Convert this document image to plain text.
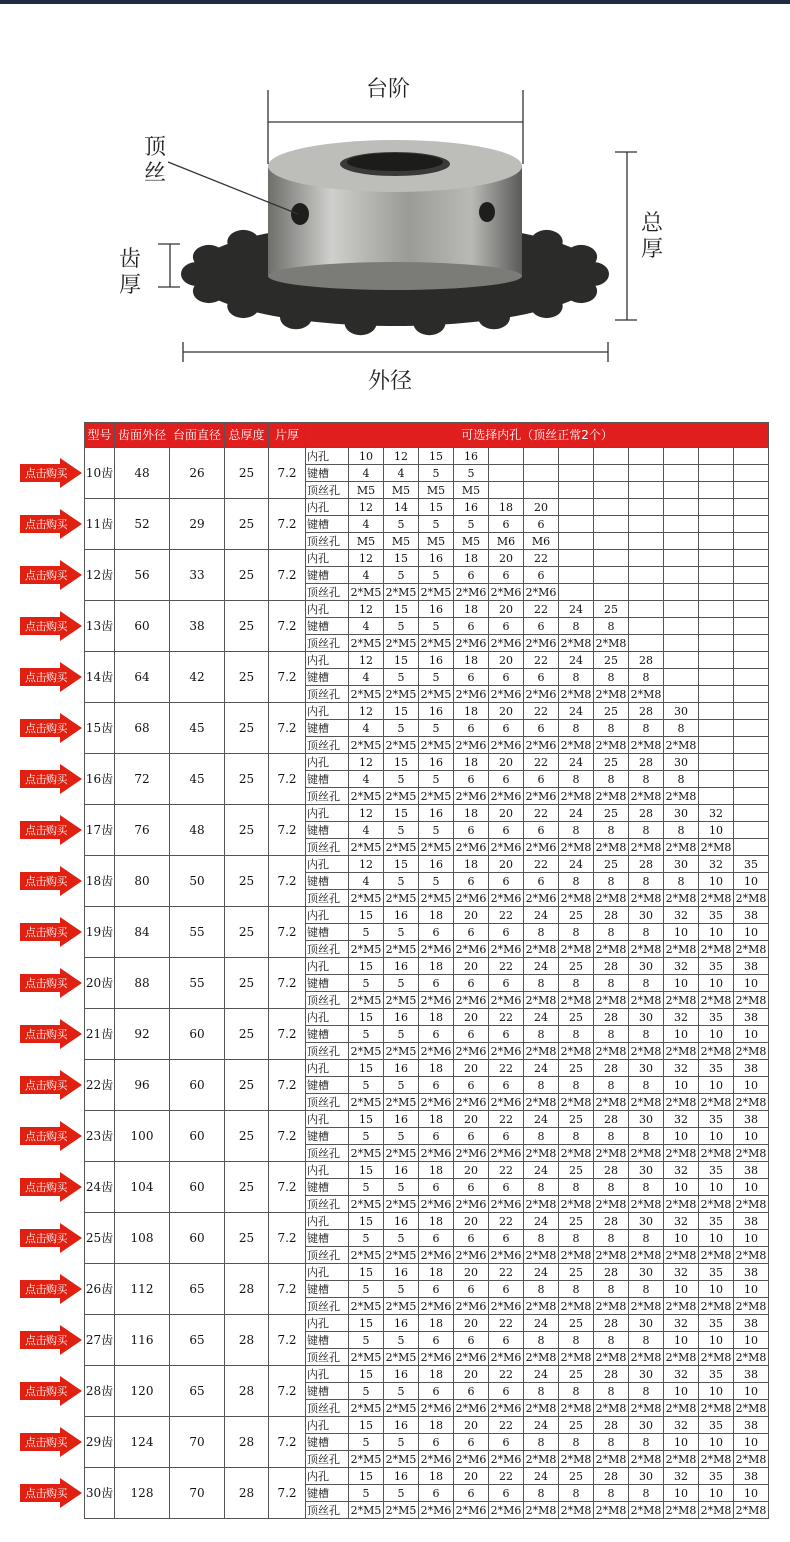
台阶
顶
丝
总
厚
齿
厚
外径
型号	齿面外径	台面直径	总厚度	片厚	可选择内孔（顶丝正常2个）												
10齿	48	26	25	7.2	内孔	10	12	15	16								
					键槽	4	4	5	5								
					顶丝孔	M5	M5	M5	M5								
11齿	52	29	25	7.2	内孔	12	14	15	16	18	20						
					键槽	4	5	5	5	6	6						
					顶丝孔	M5	M5	M5	M5	M6	M6						
12齿	56	33	25	7.2	内孔	12	15	16	18	20	22						
					键槽	4	5	5	6	6	6						
					顶丝孔	2*M5	2*M5	2*M5	2*M6	2*M6	2*M6						
13齿	60	38	25	7.2	内孔	12	15	16	18	20	22	24	25				
					键槽	4	5	5	6	6	6	8	8				
					顶丝孔	2*M5	2*M5	2*M5	2*M6	2*M6	2*M6	2*M8	2*M8				
14齿	64	42	25	7.2	内孔	12	15	16	18	20	22	24	25	28			
					键槽	4	5	5	6	6	6	8	8	8			
					顶丝孔	2*M5	2*M5	2*M5	2*M6	2*M6	2*M6	2*M8	2*M8	2*M8			
15齿	68	45	25	7.2	内孔	12	15	16	18	20	22	24	25	28	30		
					键槽	4	5	5	6	6	6	8	8	8	8		
					顶丝孔	2*M5	2*M5	2*M5	2*M6	2*M6	2*M6	2*M8	2*M8	2*M8	2*M8		
16齿	72	45	25	7.2	内孔	12	15	16	18	20	22	24	25	28	30		
					键槽	4	5	5	6	6	6	8	8	8	8		
					顶丝孔	2*M5	2*M5	2*M5	2*M6	2*M6	2*M6	2*M8	2*M8	2*M8	2*M8		
17齿	76	48	25	7.2	内孔	12	15	16	18	20	22	24	25	28	30	32	
					键槽	4	5	5	6	6	6	8	8	8	8	10	
					顶丝孔	2*M5	2*M5	2*M5	2*M6	2*M6	2*M6	2*M8	2*M8	2*M8	2*M8	2*M8	
18齿	80	50	25	7.2	内孔	12	15	16	18	20	22	24	25	28	30	32	35
					键槽	4	5	5	6	6	6	8	8	8	8	10	10
					顶丝孔	2*M5	2*M5	2*M5	2*M6	2*M6	2*M6	2*M8	2*M8	2*M8	2*M8	2*M8	2*M8
19齿	84	55	25	7.2	内孔	15	16	18	20	22	24	25	28	30	32	35	38
					键槽	5	5	6	6	6	8	8	8	8	10	10	10
					顶丝孔	2*M5	2*M5	2*M6	2*M6	2*M6	2*M8	2*M8	2*M8	2*M8	2*M8	2*M8	2*M8
20齿	88	55	25	7.2	内孔	15	16	18	20	22	24	25	28	30	32	35	38
					键槽	5	5	6	6	6	8	8	8	8	10	10	10
					顶丝孔	2*M5	2*M5	2*M6	2*M6	2*M6	2*M8	2*M8	2*M8	2*M8	2*M8	2*M8	2*M8
21齿	92	60	25	7.2	内孔	15	16	18	20	22	24	25	28	30	32	35	38
					键槽	5	5	6	6	6	8	8	8	8	10	10	10
					顶丝孔	2*M5	2*M5	2*M6	2*M6	2*M6	2*M8	2*M8	2*M8	2*M8	2*M8	2*M8	2*M8
22齿	96	60	25	7.2	内孔	15	16	18	20	22	24	25	28	30	32	35	38
					键槽	5	5	6	6	6	8	8	8	8	10	10	10
					顶丝孔	2*M5	2*M5	2*M6	2*M6	2*M6	2*M8	2*M8	2*M8	2*M8	2*M8	2*M8	2*M8
23齿	100	60	25	7.2	内孔	15	16	18	20	22	24	25	28	30	32	35	38
					键槽	5	5	6	6	6	8	8	8	8	10	10	10
					顶丝孔	2*M5	2*M5	2*M6	2*M6	2*M6	2*M8	2*M8	2*M8	2*M8	2*M8	2*M8	2*M8
24齿	104	60	25	7.2	内孔	15	16	18	20	22	24	25	28	30	32	35	38
					键槽	5	5	6	6	6	8	8	8	8	10	10	10
					顶丝孔	2*M5	2*M5	2*M6	2*M6	2*M6	2*M8	2*M8	2*M8	2*M8	2*M8	2*M8	2*M8
25齿	108	60	25	7.2	内孔	15	16	18	20	22	24	25	28	30	32	35	38
					键槽	5	5	6	6	6	8	8	8	8	10	10	10
					顶丝孔	2*M5	2*M5	2*M6	2*M6	2*M6	2*M8	2*M8	2*M8	2*M8	2*M8	2*M8	2*M8
26齿	112	65	28	7.2	内孔	15	16	18	20	22	24	25	28	30	32	35	38
					键槽	5	5	6	6	6	8	8	8	8	10	10	10
					顶丝孔	2*M5	2*M5	2*M6	2*M6	2*M6	2*M8	2*M8	2*M8	2*M8	2*M8	2*M8	2*M8
27齿	116	65	28	7.2	内孔	15	16	18	20	22	24	25	28	30	32	35	38
					键槽	5	5	6	6	6	8	8	8	8	10	10	10
					顶丝孔	2*M5	2*M5	2*M6	2*M6	2*M6	2*M8	2*M8	2*M8	2*M8	2*M8	2*M8	2*M8
28齿	120	65	28	7.2	内孔	15	16	18	20	22	24	25	28	30	32	35	38
					键槽	5	5	6	6	6	8	8	8	8	10	10	10
					顶丝孔	2*M5	2*M5	2*M6	2*M6	2*M6	2*M8	2*M8	2*M8	2*M8	2*M8	2*M8	2*M8
29齿	124	70	28	7.2	内孔	15	16	18	20	22	24	25	28	30	32	35	38
					键槽	5	5	6	6	6	8	8	8	8	10	10	10
					顶丝孔	2*M5	2*M5	2*M6	2*M6	2*M6	2*M8	2*M8	2*M8	2*M8	2*M8	2*M8	2*M8
30齿	128	70	28	7.2	内孔	15	16	18	20	22	24	25	28	30	32	35	38
					键槽	5	5	6	6	6	8	8	8	8	10	10	10
					顶丝孔	2*M5	2*M5	2*M6	2*M6	2*M6	2*M8	2*M8	2*M8	2*M8	2*M8	2*M8	2*M8
点击购买
点击购买
点击购买
点击购买
点击购买
点击购买
点击购买
点击购买
点击购买
点击购买
点击购买
点击购买
点击购买
点击购买
点击购买
点击购买
点击购买
点击购买
点击购买
点击购买
点击购买
